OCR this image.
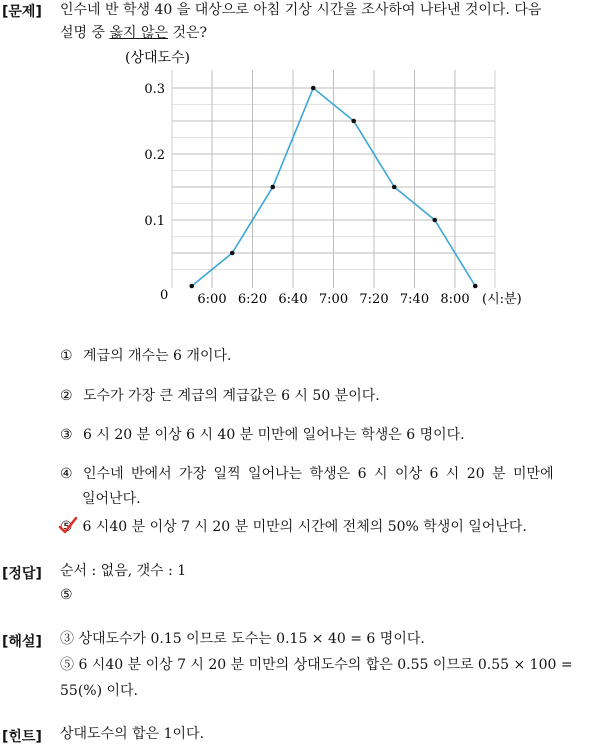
[문제] 인수네 반 학생 40 을 대상으로 아침 기상 시간을 조사하여 나타낸 것이다. 다음
설명 중 옳지 않은 것은?
(상대도수)
(시:분)
0
0.3
0.2
0.1
6:00 6:20 6:40 7:00 7:20 7:40 8:00
① 계급의 개수는 6 개이다.
② 도수가 가장 큰 계급의 계급값은 6 시 50 분이다.
③ 6 시 20 분 이상 6 시 40 분 미만에 일어나는 학생은 6 명이다.
④ 인수네 반에서 가장 일찍 일어나는 학생은 6 시 이상 6 시 20 분 미만에
일어난다.
⑤ 6 시40 분 이상 7 시 20 분 미만의 시간에 전체의 50% 학생이 일어난다.
[정답] 순서 : 없음, 갯수 : 1
⑤
[해설] ③ 상대도수가 0.15 이므로 도수는 0.15 × 40 = 6 명이다.
⑤ 6 시40 분 이상 7 시 20 분 미만의 상대도수의 합은 0.55 이므로 0.55 × 100 =
55(%) 이다.
[힌트] 상대도수의 합은 1이다.
